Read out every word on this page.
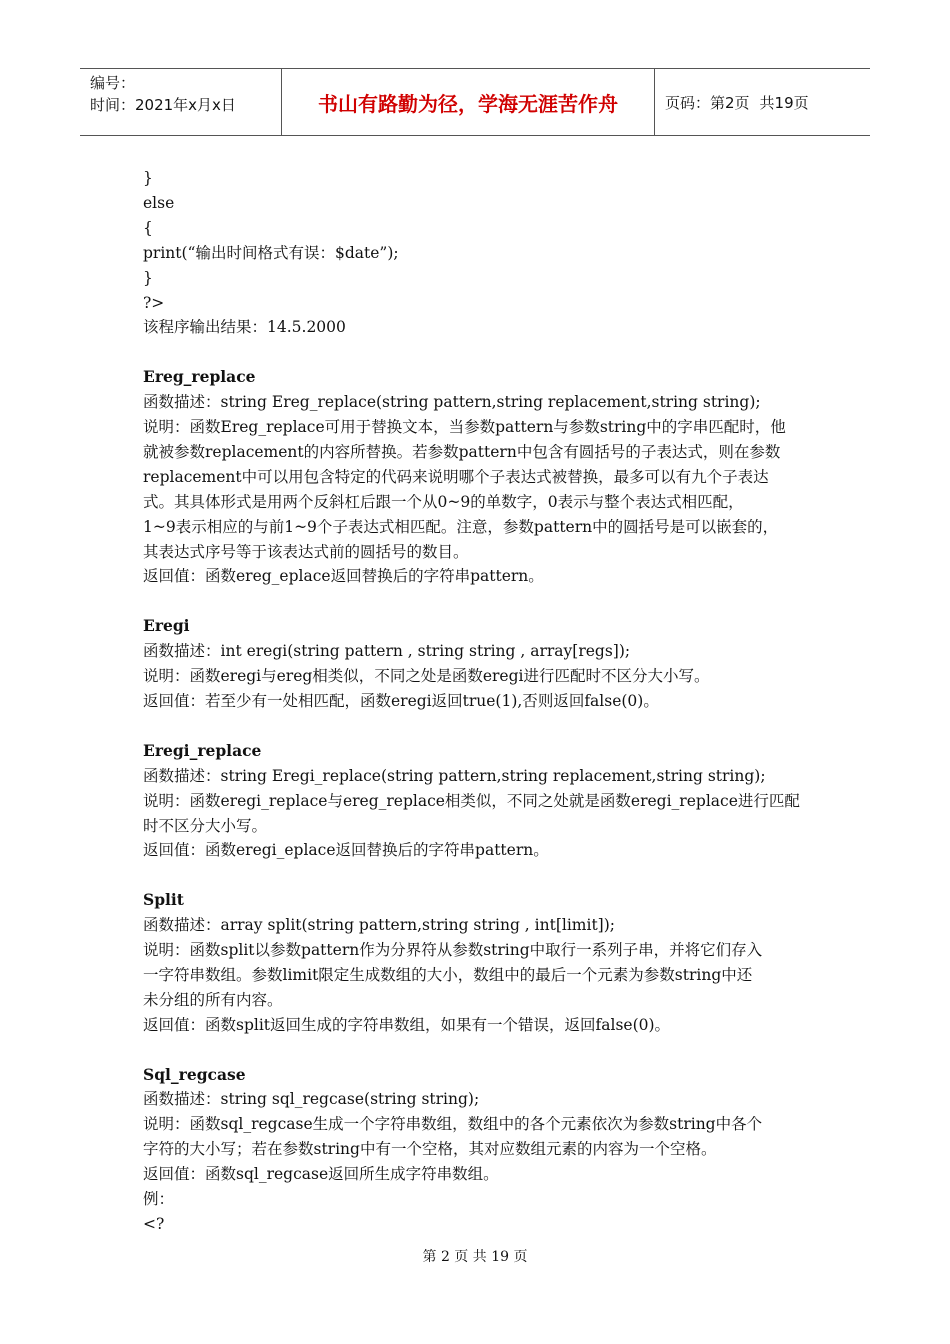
编号：
时间：2021年x月x日	书山有路勤为径，学海无涯苦作舟	页码：第2页 共19页

}

else

{

print(“输出时间格式有误：$date”);

}

?>

该程序输出结果：14.5.2000

Ereg_replace

函数描述：string Ereg_replace(string pattern,string replacement,string string);

说明：函数Ereg_replace可用于替换文本，当参数pattern与参数string中的字串匹配时，他

就被参数replacement的内容所替换。若参数pattern中包含有圆括号的子表达式，则在参数

replacement中可以用包含特定的代码来说明哪个子表达式被替换，最多可以有九个子表达

式。其具体形式是用两个反斜杠后跟一个从0~9的单数字，0表示与整个表达式相匹配，

1~9表示相应的与前1~9个子表达式相匹配。注意，参数pattern中的圆括号是可以嵌套的，

其表达式序号等于该表达式前的圆括号的数目。

返回值：函数ereg_eplace返回替换后的字符串pattern。

Eregi

函数描述：int eregi(string pattern , string string , array[regs]);

说明：函数eregi与ereg相类似，不同之处是函数eregi进行匹配时不区分大小写。

返回值：若至少有一处相匹配，函数eregi返回true(1),否则返回false(0)。

Eregi_replace

函数描述：string Eregi_replace(string pattern,string replacement,string string);

说明：函数eregi_replace与ereg_replace相类似，不同之处就是函数eregi_replace进行匹配

时不区分大小写。

返回值：函数eregi_eplace返回替换后的字符串pattern。

Split

函数描述：array split(string pattern,string string , int[limit]);

说明：函数split以参数pattern作为分界符从参数string中取行一系列子串，并将它们存入

一字符串数组。参数limit限定生成数组的大小，数组中的最后一个元素为参数string中还

未分组的所有内容。

返回值：函数split返回生成的字符串数组，如果有一个错误，返回false(0)。

Sql_regcase

函数描述：string sql_regcase(string string);

说明：函数sql_regcase生成一个字符串数组，数组中的各个元素依次为参数string中各个

字符的大小写；若在参数string中有一个空格，其对应数组元素的内容为一个空格。

返回值：函数sql_regcase返回所生成字符串数组。

例：

<?

第 2 页 共 19 页
